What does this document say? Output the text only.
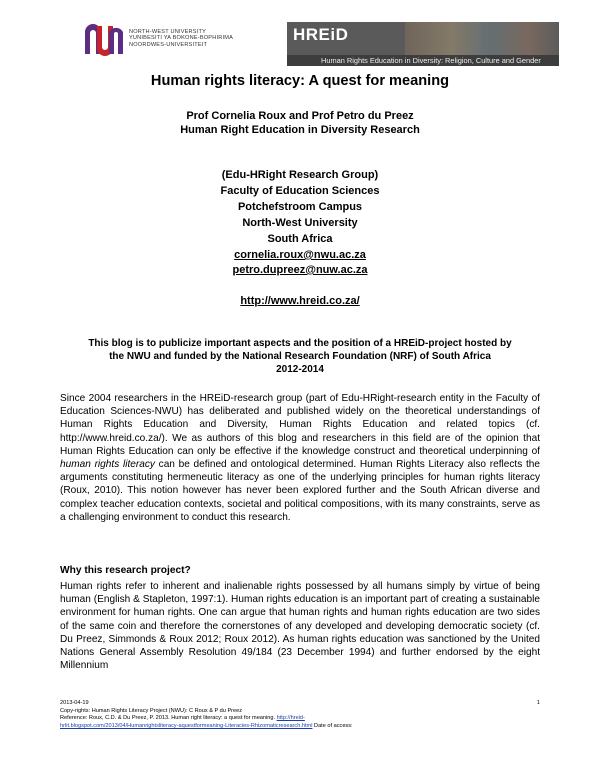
NORTH-WEST UNIVERSITY
YUNIBESITI YA BOKONE-BOPHIRIMA
NOORDWES-UNIVERSITEIT
HREiD
Human Rights Education in Diversity: Religion, Culture and Gender
Human rights literacy: A quest for meaning
Prof Cornelia Roux and Prof Petro du Preez
Human Right Education in Diversity Research
(Edu-HRight Research Group)
Faculty of Education Sciences
Potchefstroom Campus
North-West University
South Africa
cornelia.roux@nwu.ac.za
petro.dupreez@nuw.ac.za
http://www.hreid.co.za/
This blog is to publicize important aspects and the position of a HREiD-project hosted by
the NWU and funded by the National Research Foundation (NRF) of South Africa
2012-2014
Since 2004 researchers in the HREiD-research group (part of Edu-HRight-research entity in the Faculty of Education Sciences-NWU) has deliberated and published widely on the theoretical understandings of Human Rights Education and Diversity, Human Rights Education and related topics (cf. http://www.hreid.co.za/). We as authors of this blog and researchers in this field are of the opinion that Human Rights Education can only be effective if the knowledge construct and theoretical underpinning of human rights literacy can be defined and ontological determined. Human Rights Literacy also reflects the arguments constituting hermeneutic literacy as one of the underlying principles for human rights literacy (Roux, 2010). This notion however has never been explored further and the South African diverse and complex teacher education contexts, societal and political compositions, with its many constraints, serve as a challenging environment to conduct this research.
Why this research project?
Human rights refer to inherent and inalienable rights possessed by all humans simply by virtue of being human (English & Stapleton, 1997:1). Human rights education is an important part of creating a sustainable environment for human rights. One can argue that human rights and human rights education are two sides of the same coin and therefore the cornerstones of any developed and developing democratic society (cf. Du Preez, Simmonds & Roux 2012; Roux 2012). As human rights education was sanctioned by the United Nations General Assembly Resolution 49/184 (23 December 1994) and further endorsed by the eight Millennium
2013-04-19	1
Copy-rights: Human Rights Literacy Project (NWU): C Roux & P du Preez
Reference: Roux, C.D. & Du Preez, P. 2013. Human right literacy: a quest for meaning. http://hreid-
hrlit.blogspot.com/2013/04/Humanrightsliteracy-aquestformeaning-Literacies-Rhizomaticresearch.html Date of access:
